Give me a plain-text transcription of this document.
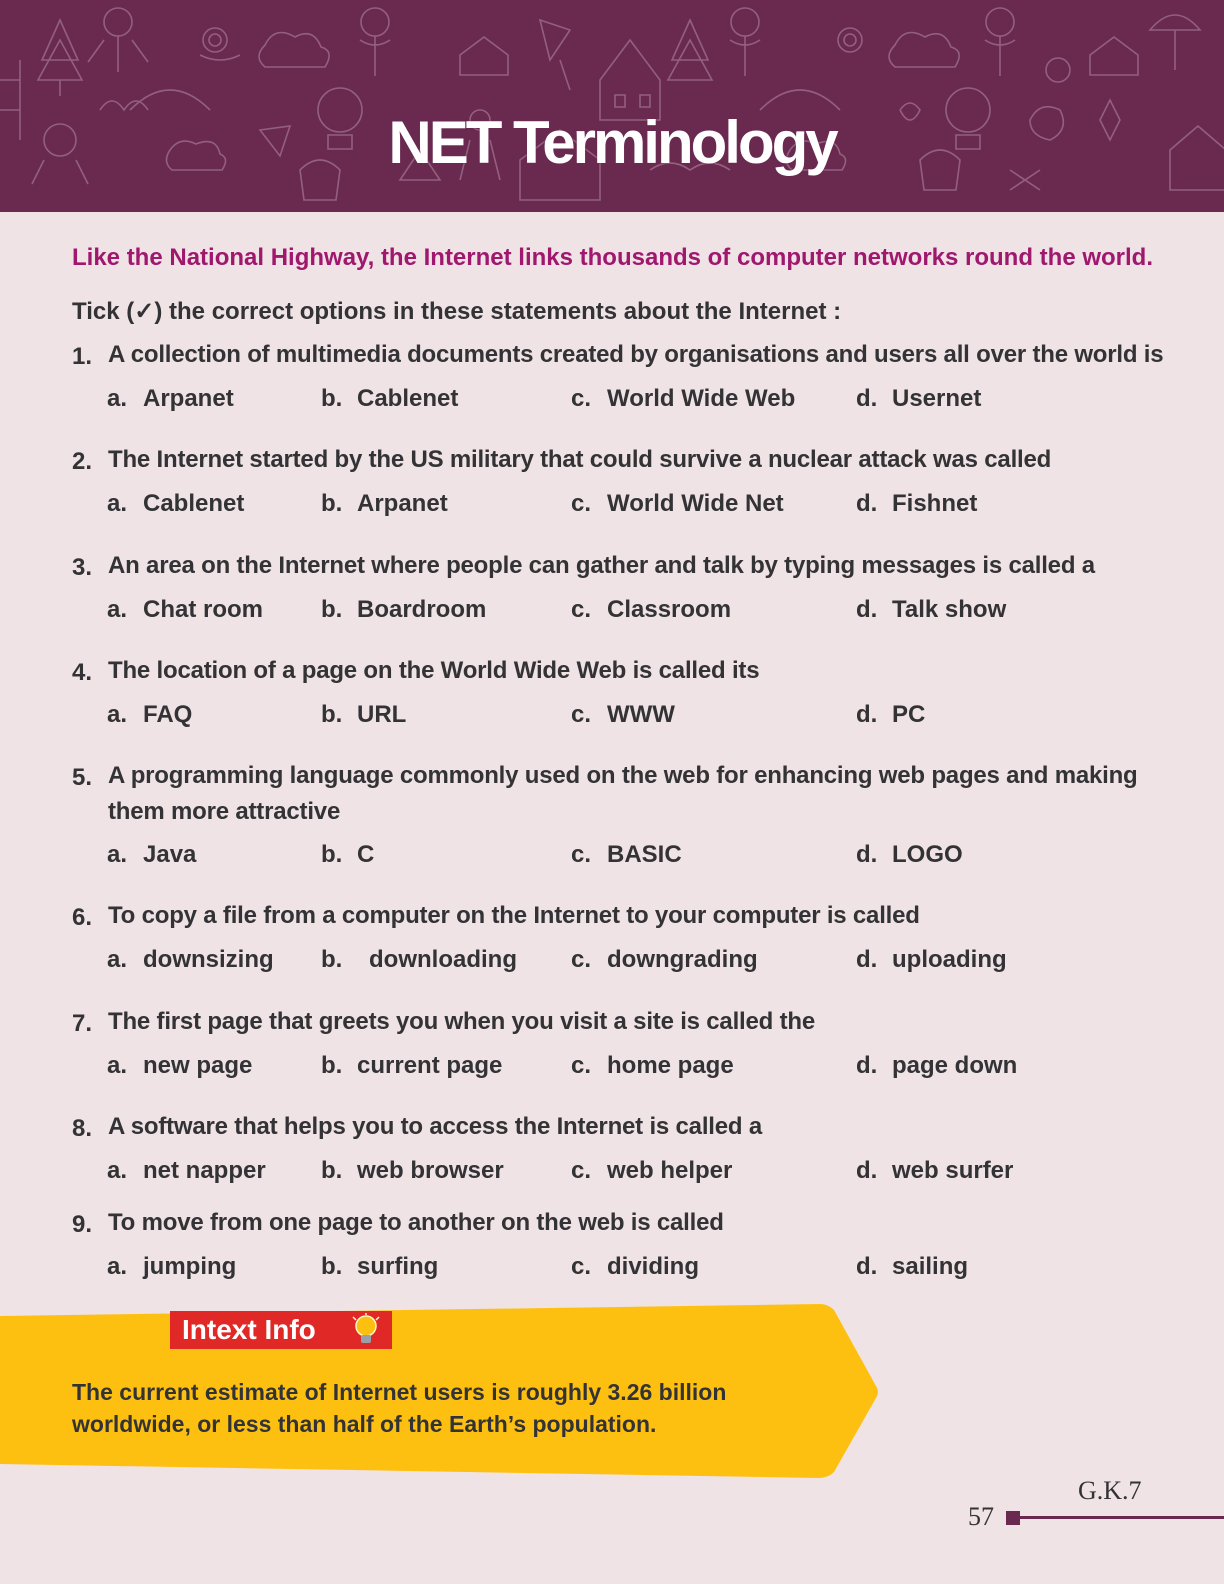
NET Terminology
Like the National Highway, the Internet links thousands of computer networks round the world.
Tick (✓) the correct options in these statements about the Internet :
1. A collection of multimedia documents created by organisations and users all over the world is
a. Arpanet	b. Cablenet	c. World Wide Web	d. Usernet
2. The Internet started by the US military that could survive a nuclear attack was called
a. Cablenet	b. Arpanet	c. World Wide Net	d. Fishnet
3. An area on the Internet where people can gather and talk by typing messages is called a
a. Chat room b. Boardroom	c. Classroom	d. Talk show
4. The location of a page on the World Wide Web is called its
a. FAQ	b. URL	c. WWW	d. PC
5. A programming language commonly used on the web for enhancing web pages and making them more attractive
a. Java	b. C	c. BASIC	d. LOGO
6. To copy a file from a computer on the Internet to your computer is called
a. downsizing b. downloading c. downgrading	d. uploading
7. The first page that greets you when you visit a site is called the
a. new page	b. current page	c. home page	d. page down
8. A software that helps you to access the Internet is called a
a. net napper b. web browser	c. web helper	d. web surfer
9. To move from one page to another on the web is called
a. jumping	b. surfing	c. dividing	d. sailing
Intext Info
The current estimate of Internet users is roughly 3.26 billion worldwide, or less than half of the Earth’s population.
G.K.7
57
